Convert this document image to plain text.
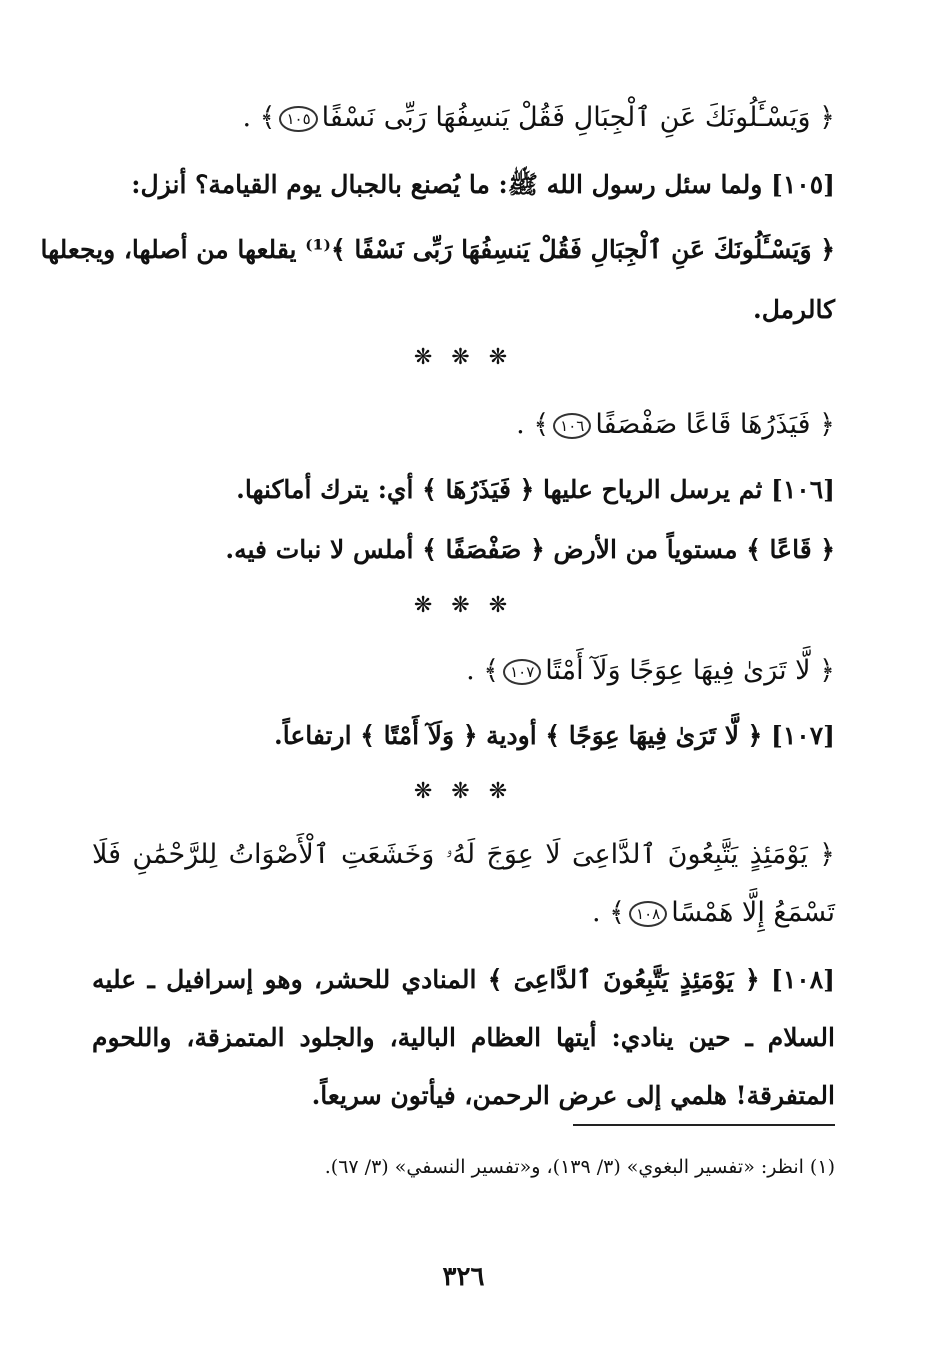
﴿ وَيَسْـَٔلُونَكَ عَنِ ٱلْجِبَالِ فَقُلْ يَنسِفُهَا رَبِّى نَسْفًا١٠٥﴾ .
[١٠٥] ولما سئل رسول الله ﷺ: ما يُصنع بالجبال يوم القيامة؟ أنزل:
﴿ وَيَسْـَٔلُونَكَ عَنِ ٱلْجِبَالِ فَقُلْ يَنسِفُهَا رَبِّى نَسْفًا ﴾⁽¹⁾ يقلعها من أصلها، ويجعلها
كالرمل.
❋ ❋ ❋
﴿ فَيَذَرُهَا قَاعًا صَفْصَفًا١٠٦﴾ .
[١٠٦] ثم يرسل الرياح عليها ﴿ فَيَذَرُهَا ﴾ أي: يترك أماكنها.
﴿ قَاعًا ﴾ مستوياً من الأرض ﴿ صَفْصَفًا ﴾ أملس لا نبات فيه.
❋ ❋ ❋
﴿ لَّا تَرَىٰ فِيهَا عِوَجًا وَلَآ أَمْتًا١٠٧﴾ .
[١٠٧] ﴿ لَّا تَرَىٰ فِيهَا عِوَجًا ﴾ أودية ﴿ وَلَآ أَمْتًا ﴾ ارتفاعاً.
❋ ❋ ❋
﴿ يَوْمَئِذٍ يَتَّبِعُونَ ٱلدَّاعِىَ لَا عِوَجَ لَهُۥ وَخَشَعَتِ ٱلْأَصْوَاتُ لِلرَّحْمَٰنِ فَلَا
تَسْمَعُ إِلَّا هَمْسًا١٠٨﴾ .
[١٠٨] ﴿ يَوْمَئِذٍ يَتَّبِعُونَ ٱلدَّاعِىَ ﴾ المنادي للحشر، وهو إسرافيل ـ عليه
السلام ـ حين ينادي: أيتها العظام البالية، والجلود المتمزقة، واللحوم
المتفرقة! هلمي إلى عرض الرحمن، فيأتون سريعاً.
(١) انظر: «تفسير البغوي» (٣/ ١٣٩)، و«تفسير النسفي» (٣/ ٦٧).
٣٢٦
